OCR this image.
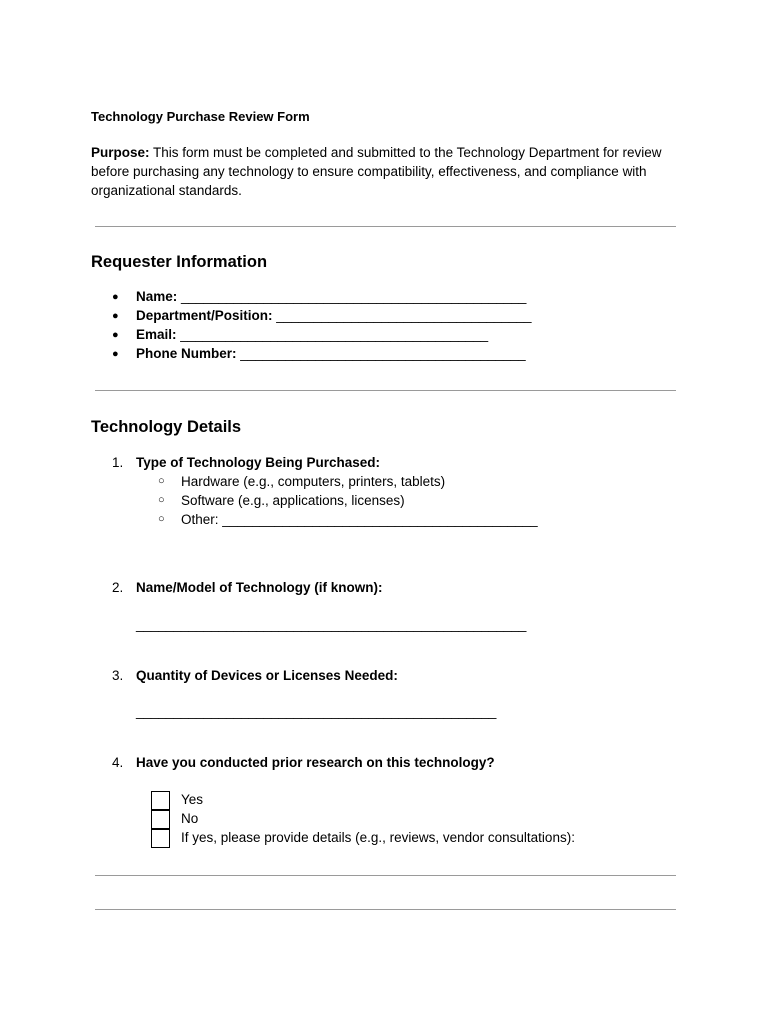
Technology Purchase Review Form
Purpose: This form must be completed and submitted to the Technology Department for review before purchasing any technology to ensure compatibility, effectiveness, and compliance with organizational standards.
Requester Information
● Name: ______________________________________________
● Department/Position: __________________________________
● Email: _________________________________________
● Phone Number: ______________________________________
Technology Details
1. Type of Technology Being Purchased:
○ Hardware (e.g., computers, printers, tablets)
○ Software (e.g., applications, licenses)
○ Other: __________________________________________
2. Name/Model of Technology (if known):
____________________________________________________
3. Quantity of Devices or Licenses Needed:
________________________________________________
4. Have you conducted prior research on this technology?
Yes
No
If yes, please provide details (e.g., reviews, vendor consultations):
